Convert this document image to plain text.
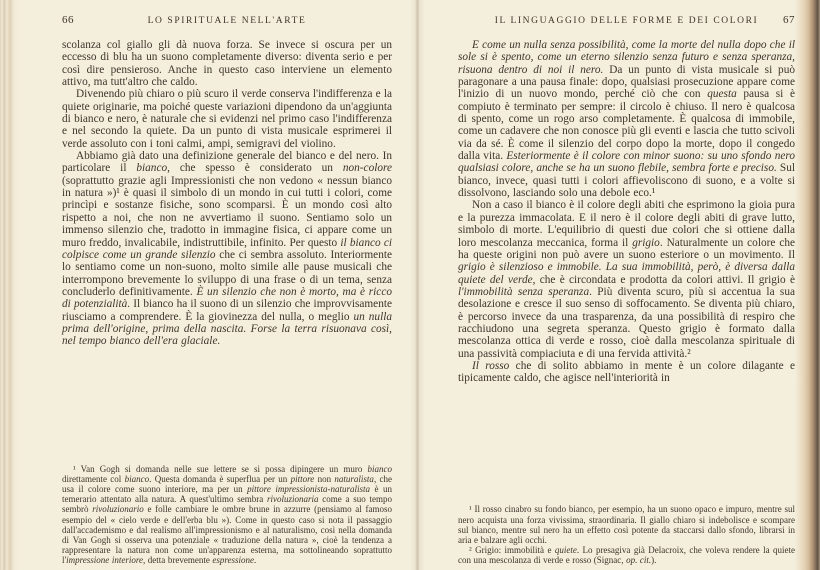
66	LO SPIRITUALE NELL'ARTE

scolanza col giallo gli dà nuova forza. Se invece si oscura per un eccesso di blu ha un suono completamente diverso: diventa serio e per così dire pensieroso. Anche in questo caso interviene un elemento attivo, ma tutt'altro che caldo.

Divenendo più chiaro o più scuro il verde conserva l'indifferenza e la quiete originarie, ma poiché queste variazioni dipendono da un'aggiunta di bianco e nero, è naturale che si evidenzi nel primo caso l'indifferenza e nel secondo la quiete. Da un punto di vista musicale esprimerei il verde assoluto con i toni calmi, ampi, semigravi del violino.

Abbiamo già dato una definizione generale del bianco e del nero. In particolare il bianco, che spesso è considerato un non-colore (soprattutto grazie agli Impressionisti che non vedono « nessun bianco in natura »)¹ è quasi il simbolo di un mondo in cui tutti i colori, come princìpi e sostanze fisiche, sono scomparsi. È un mondo così alto rispetto a noi, che non ne avvertiamo il suono. Sentiamo solo un immenso silenzio che, tradotto in immagine fisica, ci appare come un muro freddo, invalicabile, indistruttibile, infinito. Per questo il bianco ci colpisce come un grande silenzio che ci sembra assoluto. Interiormente lo sentiamo come un non-suono, molto simile alle pause musicali che interrompono brevemente lo sviluppo di una frase o di un tema, senza concluderlo definitivamente. È un silenzio che non è morto, ma è ricco di potenzialità. Il bianco ha il suono di un silenzio che improvvisamente riusciamo a comprendere. È la giovinezza del nulla, o meglio un nulla prima dell'origine, prima della nascita. Forse la terra risuonava così, nel tempo bianco dell'era glaciale.

¹ Van Gogh si domanda nelle sue lettere se si possa dipingere un muro bianco direttamente col bianco. Questa domanda è superflua per un pittore non naturalista, che usa il colore come suono interiore, ma per un pittore impressionista-naturalista è un temerario attentato alla natura. A quest'ultimo sembra rivoluzionaria come a suo tempo sembrò rivoluzionario e folle cambiare le ombre brune in azzurre (pensiamo al famoso esempio del « cielo verde e dell'erba blu »). Come in questo caso si nota il passaggio dall'accademismo e dal realismo all'impressionismo e al naturalismo, così nella domanda di Van Gogh si osserva una potenziale « traduzione della natura », cioè la tendenza a rappresentare la natura non come un'apparenza esterna, ma sottolineando soprattutto l'impressione interiore, detta brevemente espressione.

IL LINGUAGGIO DELLE FORME E DEI COLORI	67

E come un nulla senza possibilità, come la morte del nulla dopo che il sole si è spento, come un eterno silenzio senza futuro e senza speranza, risuona dentro di noi il nero. Da un punto di vista musicale si può paragonare a una pausa finale: dopo, qualsiasi prosecuzione appare come l'inizio di un nuovo mondo, perché ciò che con questa pausa si è compiuto è terminato per sempre: il circolo è chiuso. Il nero è qualcosa di spento, come un rogo arso completamente. È qualcosa di immobile, come un cadavere che non conosce più gli eventi e lascia che tutto scivoli via da sé. È come il silenzio del corpo dopo la morte, dopo il congedo dalla vita. Esteriormente è il colore con minor suono: su uno sfondo nero qualsiasi colore, anche se ha un suono flebile, sembra forte e preciso. Sul bianco, invece, quasi tutti i colori affievoliscono di suono, e a volte si dissolvono, lasciando solo una debole eco.¹

Non a caso il bianco è il colore degli abiti che esprimono la gioia pura e la purezza immacolata. E il nero è il colore degli abiti di grave lutto, simbolo di morte. L'equilibrio di questi due colori che si ottiene dalla loro mescolanza meccanica, forma il grigio. Naturalmente un colore che ha queste origini non può avere un suono esteriore o un movimento. Il grigio è silenzioso e immobile. La sua immobilità, però, è diversa dalla quiete del verde, che è circondata e prodotta da colori attivi. Il grigio è l'immobilità senza speranza. Più diventa scuro, più si accentua la sua desolazione e cresce il suo senso di soffocamento. Se diventa più chiaro, è percorso invece da una trasparenza, da una possibilità di respiro che racchiudono una segreta speranza. Questo grigio è formato dalla mescolanza ottica di verde e rosso, cioè dalla mescolanza spirituale di una passività compiaciuta e di una fervida attività.²

Il rosso che di solito abbiamo in mente è un colore dilagante e tipicamente caldo, che agisce nell'interiorità in

¹ Il rosso cinabro su fondo bianco, per esempio, ha un suono opaco e impuro, mentre sul nero acquista una forza vivissima, straordinaria. Il giallo chiaro si indebolisce e scompare sul bianco, mentre sul nero ha un effetto così potente da staccarsi dallo sfondo, librarsi in aria e balzare agli occhi.

² Grigio: immobilità e quiete. Lo presagiva già Delacroix, che voleva rendere la quiete con una mescolanza di verde e rosso (Signac, op. cit.).
